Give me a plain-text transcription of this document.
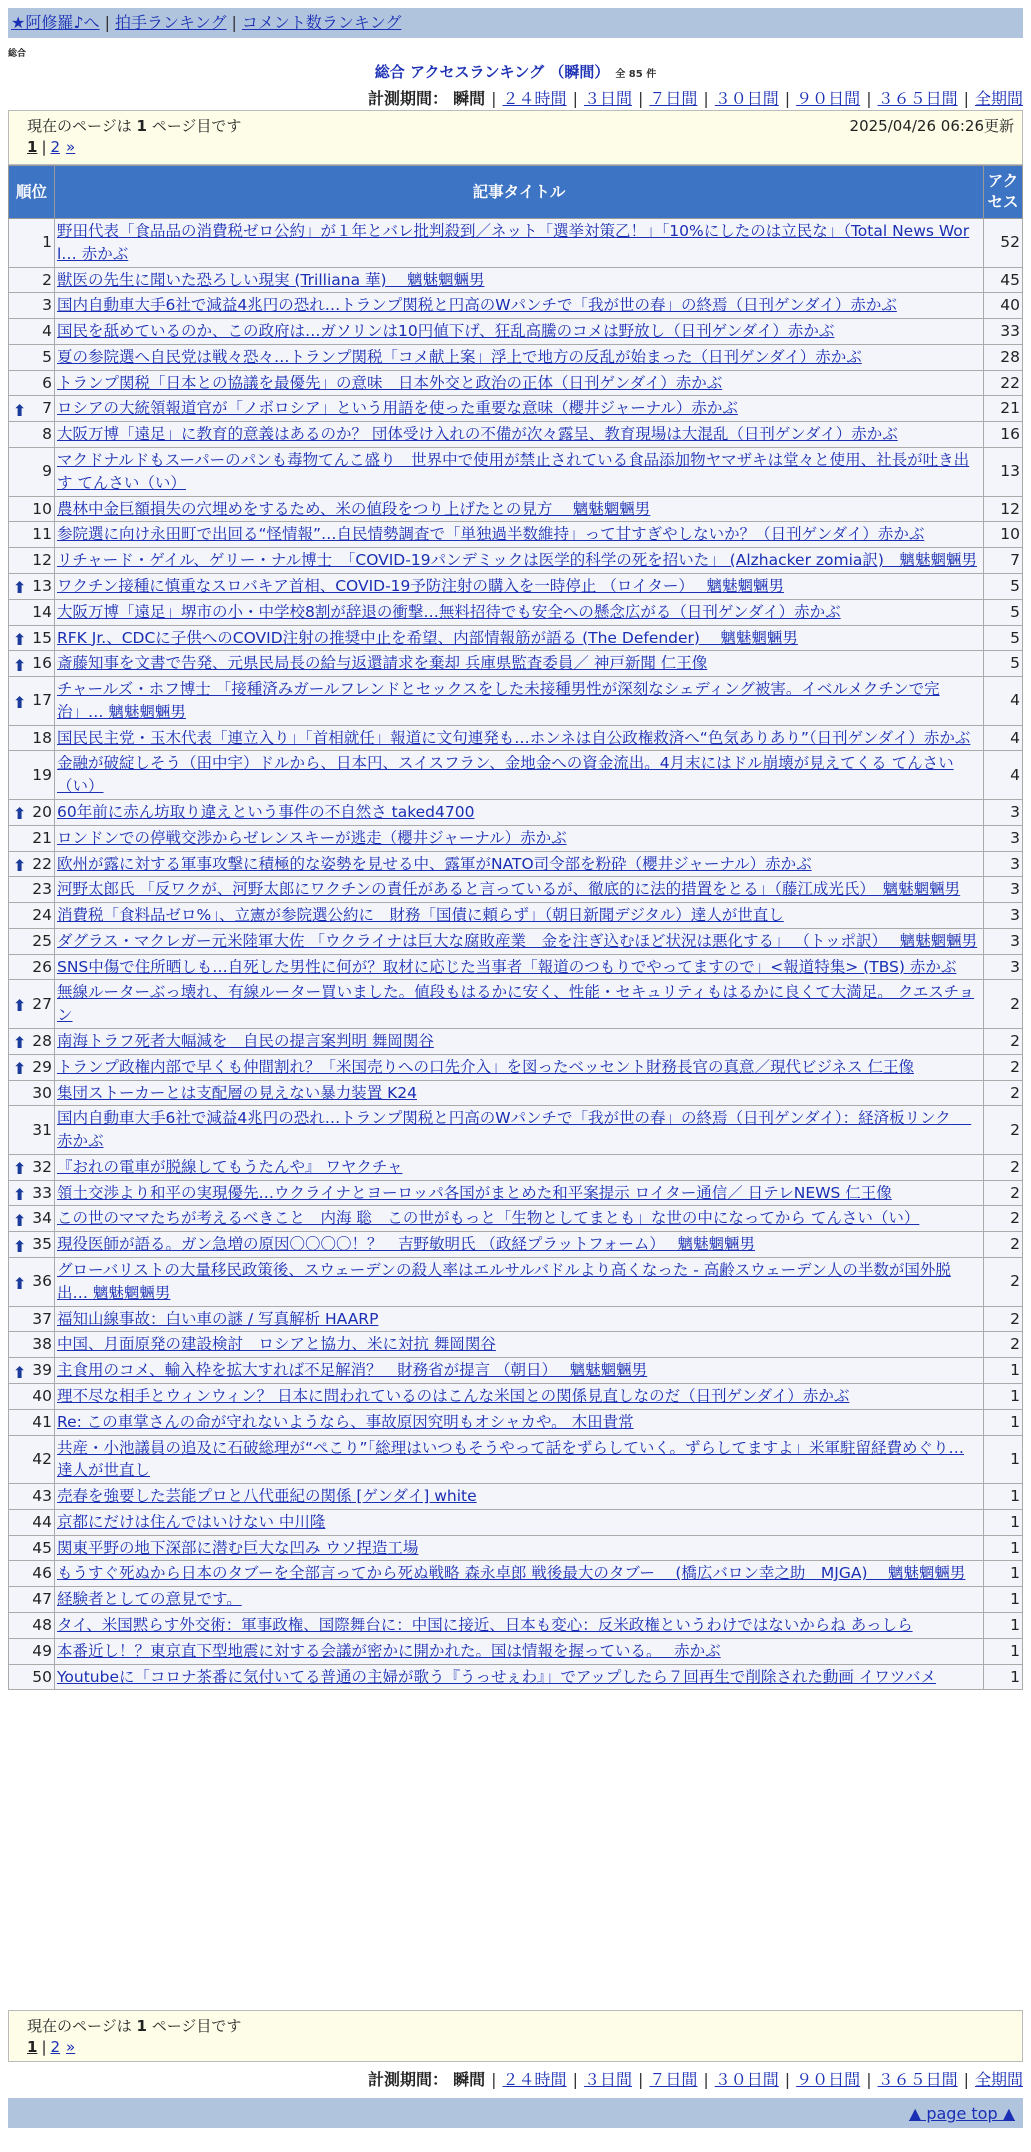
★阿修羅♪へ | 拍手ランキング | コメント数ランキング
総合
総合 アクセスランキング （瞬間） 全 85 件
計測期間： 瞬間 | ２４時間 | ３日間 | ７日間 | ３０日間 | ９０日間 | ３６５日間 | 全期間
現在のページは 1 ページ目です	2025/04/26 06:26更新
1 | 2 »
順位	記事タイトル	アクセス
1	野田代表「食品品の消費税ゼロ公約」が１年とバレ批判殺到／ネット「選挙対策乙！」「10%にしたのは立民な」（Total News Worl… 赤かぶ	52
2	獣医の先生に聞いた恐ろしい現実 (Trilliana 華)　 魑魅魍魎男	45
3	国内自動車大手6社で減益4兆円の恐れ…トランプ関税と円高のWパンチで「我が世の春」の終焉（日刊ゲンダイ）赤かぶ	40
4	国民を舐めているのか、この政府は…ガソリンは10円値下げ、狂乱高騰のコメは野放し（日刊ゲンダイ）赤かぶ	33
5	夏の参院選へ自民党は戦々恐々…トランプ関税「コメ献上案」浮上で地方の反乱が始まった（日刊ゲンダイ）赤かぶ	28
6	トランプ関税「日本との協議を最優先」の意味　日本外交と政治の正体（日刊ゲンダイ）赤かぶ	22

⬆ 7	ロシアの大統領報道官が「ノボロシア」という用語を使った重要な意味（櫻井ジャーナル）赤かぶ	21
8	大阪万博「遠足」に教育的意義はあるのか？ 団体受け入れの不備が次々露呈、教育現場は大混乱（日刊ゲンダイ）赤かぶ	16
9	マクドナルドもスーパーのパンも毒物てんこ盛り　世界中で使用が禁止されている食品添加物ヤマザキは堂々と使用、社長が吐き出す てんさい（い）	13
10	農林中金巨額損失の穴埋めをするため、米の値段をつり上げたとの見方　 魑魅魍魎男	12
11	参院選に向け永田町で出回る“怪情報”…自民情勢調査で「単独過半数維持」って甘すぎやしないか？（日刊ゲンダイ）赤かぶ	10
12	リチャード・ゲイル、ゲリー・ナル博士　「COVID-19パンデミックは医学的科学の死を招いた」 (Alzhacker zomia訳)　魑魅魍魎男	7

⬆ 13	ワクチン接種に慎重なスロバキア首相、COVID-19予防注射の購入を一時停止 （ロイター）　 魑魅魍魎男	5
14	大阪万博「遠足」堺市の小・中学校8割が辞退の衝撃…無料招待でも安全への懸念広がる（日刊ゲンダイ）赤かぶ	5

⬆ 15	RFK Jr.、CDCに子供へのCOVID注射の推奨中止を希望、内部情報筋が語る (The Defender)　 魑魅魍魎男	5

⬆ 16	斎藤知事を文書で告発、元県民局長の給与返還請求を棄却 兵庫県監査委員／ 神戸新聞 仁王像	5

⬆ 17	チャールズ・ホフ博士 「接種済みガールフレンドとセックスをした未接種男性が深刻なシェディング被害。イベルメクチンで完治」… 魑魅魍魎男	4
18	国民民主党・玉木代表「連立入り」「首相就任」報道に文句連発も…ホンネは自公政権救済へ“色気ありあり”（日刊ゲンダイ）赤かぶ	4
19	金融が破綻しそう（田中宇）ドルから、日本円、スイスフラン、金地金への資金流出。4月末にはドル崩壊が見えてくる てんさい（い）	4

⬆ 20	60年前に赤ん坊取り違えという事件の不自然さ taked4700	3
21	ロンドンでの停戦交渉からゼレンスキーが逃走（櫻井ジャーナル）赤かぶ	3

⬆ 22	欧州が露に対する軍事攻撃に積極的な姿勢を見せる中、露軍がNATO司令部を粉砕（櫻井ジャーナル）赤かぶ	3
23	河野太郎氏 「反ワクが、河野太郎にワクチンの責任があると言っているが、徹底的に法的措置をとる」（藤江成光氏）　魑魅魍魎男	3
24	消費税「食料品ゼロ%」、立憲が参院選公約に　財務「国債に頼らず」（朝日新聞デジタル）達人が世直し	3
25	ダグラス・マクレガー元米陸軍大佐 「ウクライナは巨大な腐敗産業　金を注ぎ込むほど状況は悪化する」 （トッポ訳）　 魑魅魍魎男	3
26	SNS中傷で住所晒しも…自死した男性に何が？取材に応じた当事者「報道のつもりでやってますので」<報道特集> (TBS) 赤かぶ	3

⬆ 27	無線ルーターぶっ壊れ、有線ルーター買いました。値段もはるかに安く、性能・セキュリティもはるかに良くて大満足。 クエスチョン	2

⬆ 28	南海トラフ死者大幅減を　自民の提言案判明 舞岡関谷	2

⬆ 29	トランプ政権内部で早くも仲間割れ？「米国売りへの口先介入」を図ったベッセント財務長官の真意／現代ビジネス 仁王像	2
30	集団ストーカーとは支配層の見えない暴力装置 K24	2
31	国内自動車大手6社で減益4兆円の恐れ…トランプ関税と円高のWパンチで「我が世の春」の終焉（日刊ゲンダイ）：経済板リンク　 赤かぶ	2

⬆ 32	『おれの電車が脱線してもうたんや』 ワヤクチャ	2

⬆ 33	領土交渉より和平の実現優先…ウクライナとヨーロッパ各国がまとめた和平案提示 ロイター通信／ 日テレNEWS 仁王像	2

⬆ 34	この世のママたちが考えるべきこと　内海 聡　この世がもっと「生物としてまとも」な世の中になってから てんさい（い）	2

⬆ 35	現役医師が語る。ガン急増の原因〇〇〇〇！？　吉野敏明氏 （政経プラットフォーム）　 魑魅魍魎男	2

⬆ 36	グローバリストの大量移民政策後、スウェーデンの殺人率はエルサルバドルより高くなった - 高齢スウェーデン人の半数が国外脱出… 魑魅魍魎男	2
37	福知山線事故：白い車の謎 / 写真解析 HAARP	2
38	中国、月面原発の建設検討　ロシアと協力、米に対抗 舞岡関谷	2

⬆ 39	主食用のコメ、輸入枠を拡大すれば不足解消？　財務省が提言 （朝日）　 魑魅魍魎男	1
40	理不尽な相手とウィンウィン？ 日本に問われているのはこんな米国との関係見直しなのだ（日刊ゲンダイ）赤かぶ	1
41	Re: この車掌さんの命が守れないようなら、事故原因究明もオシャカや。 木田貴常	1
42	共産・小池議員の追及に石破総理が“ぺこり”「総理はいつもそうやって話をずらしていく。ずらしてますよ」米軍駐留経費めぐり… 達人が世直し	1
43	売春を強要した芸能プロと八代亜紀の関係 [ゲンダイ] white	1
44	京都にだけは住んではいけない 中川隆	1
45	関東平野の地下深部に潜む巨大な凹み ウソ捏造工場	1
46	もうすぐ死ぬから日本のタブーを全部言ってから死ぬ戦略 森永卓郎 戦後最大のタブー　 (橋広バロン幸之助　MJGA)　 魑魅魍魎男	1
47	経験者としての意見です。	1
48	タイ、米国黙らす外交術：軍事政権、国際舞台に：中国に接近、日本も変心：反米政権というわけではないからね あっしら	1
49	本番近し！？東京直下型地震に対する会議が密かに開かれた。国は情報を握っている。　 赤かぶ	1
50	Youtubeに「コロナ茶番に気付いてる普通の主婦が歌う『うっせぇわ』」でアップしたら７回再生で削除された動画 イワツバメ	1
現在のページは 1 ページ目です
1 | 2 »
計測期間： 瞬間 | ２４時間 | ３日間 | ７日間 | ３０日間 | ９０日間 | ３６５日間 | 全期間
▲ page top ▲
